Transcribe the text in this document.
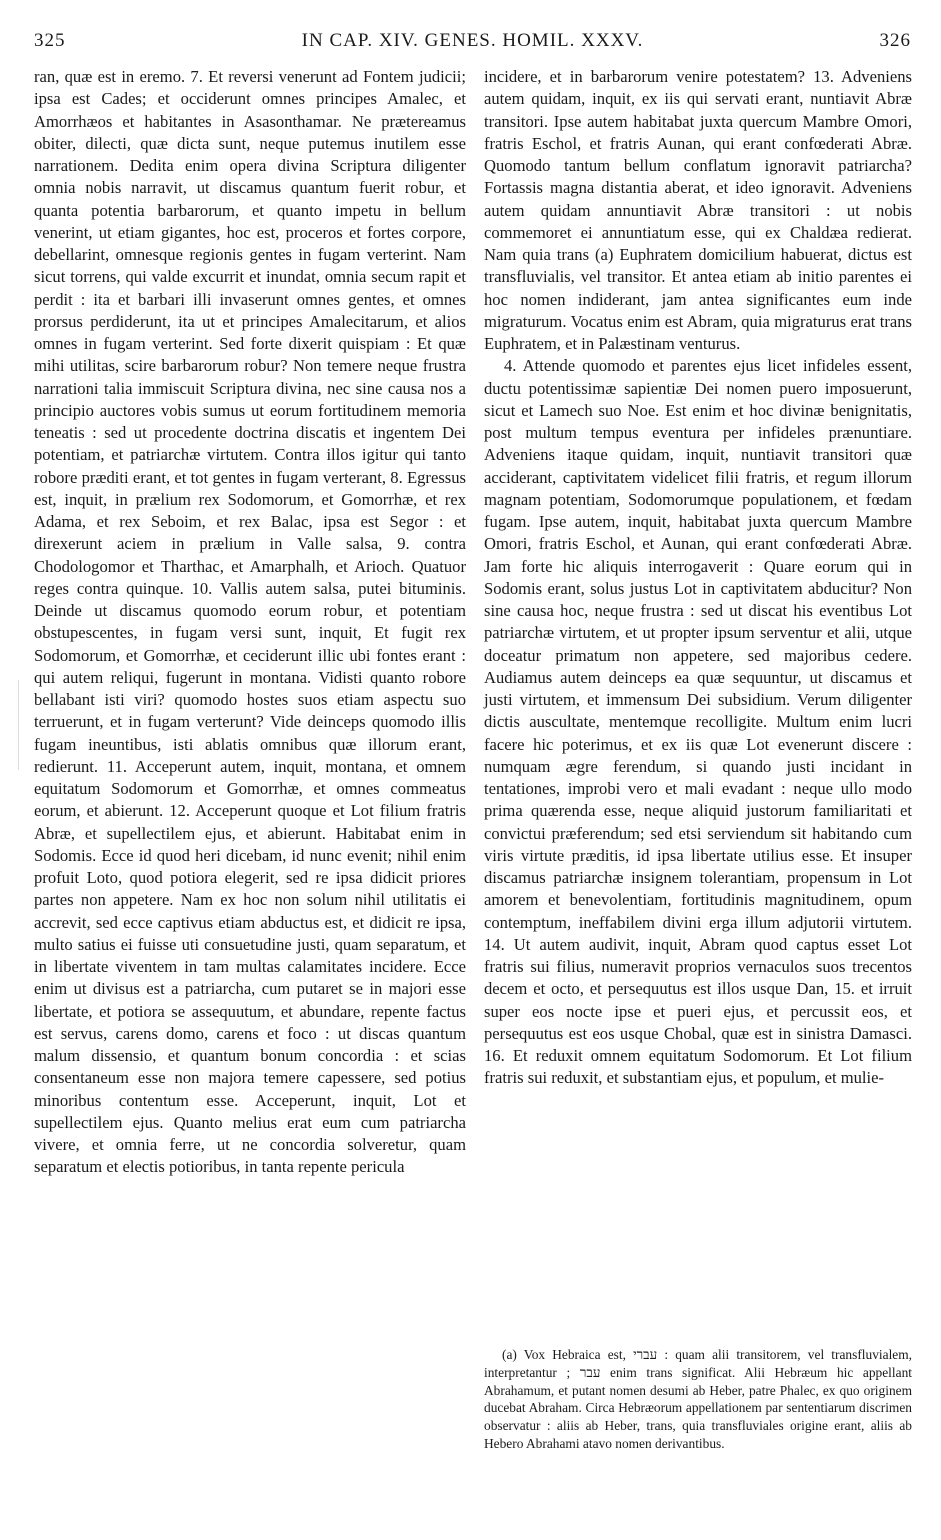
325	IN CAP. XIV. GENES. HOMIL. XXXV.	326

ran, quæ est in eremo. 7. Et reversi venerunt ad Fontem judicii; ipsa est Cades; et occiderunt omnes principes Amalec, et Amorrhæos et habitantes in Asasonthamar. Ne prætereamus obiter, dilecti, quæ dicta sunt, neque putemus inutilem esse narrationem. Dedita enim opera divina Scriptura diligenter omnia nobis narravit, ut discamus quantum fuerit robur, et quanta potentia barbarorum, et quanto impetu in bellum venerint, ut etiam gigantes, hoc est, proceros et fortes corpore, debellarint, omnesque regionis gentes in fugam verterint. Nam sicut torrens, qui valde excurrit et inundat, omnia secum rapit et perdit : ita et barbari illi invaserunt omnes gentes, et omnes prorsus perdiderunt, ita ut et principes Amalecitarum, et alios omnes in fugam verterint. Sed forte dixerit quispiam : Et quæ mihi utilitas, scire barbarorum robur? Non temere neque frustra narrationi talia immiscuit Scriptura divina, nec sine causa nos a principio auctores vobis sumus ut eorum fortitudinem memoria teneatis : sed ut procedente doctrina discatis et ingentem Dei potentiam, et patriarchæ virtutem. Contra illos igitur qui tanto robore præditi erant, et tot gentes in fugam verterant, 8. Egressus est, inquit, in prælium rex Sodomorum, et Gomorrhæ, et rex Adama, et rex Seboim, et rex Balac, ipsa est Segor : et direxerunt aciem in prælium in Valle salsa, 9. contra Chodologomor et Tharthac, et Amarphalh, et Arioch. Quatuor reges contra quinque. 10. Vallis autem salsa, putei bituminis. Deinde ut discamus quomodo eorum robur, et potentiam obstupescentes, in fugam versi sunt, inquit, Et fugit rex Sodomorum, et Gomorrhæ, et ceciderunt illic ubi fontes erant : qui autem reliqui, fugerunt in montana. Vidisti quanto robore bellabant isti viri? quomodo hostes suos etiam aspectu suo terruerunt, et in fugam verterunt? Vide deinceps quomodo illis fugam ineuntibus, isti ablatis omnibus quæ illorum erant, redierunt. 11. Acceperunt autem, inquit, montana, et omnem equitatum Sodomorum et Gomorrhæ, et omnes commeatus eorum, et abierunt. 12. Acceperunt quoque et Lot filium fratris Abræ, et supellectilem ejus, et abierunt. Habitabat enim in Sodomis. Ecce id quod heri dicebam, id nunc evenit; nihil enim profuit Loto, quod potiora elegerit, sed re ipsa didicit priores partes non appetere. Nam ex hoc non solum nihil utilitatis ei accrevit, sed ecce captivus etiam abductus est, et didicit re ipsa, multo satius ei fuisse uti consuetudine justi, quam separatum, et in libertate viventem in tam multas calamitates incidere. Ecce enim ut divisus est a patriarcha, cum putaret se in majori esse libertate, et potiora se assequutum, et abundare, repente factus est servus, carens domo, carens et foco : ut discas quantum malum dissensio, et quantum bonum concordia : et scias consentaneum esse non majora temere capessere, sed potius minoribus contentum esse. Acceperunt, inquit, Lot et supellectilem ejus. Quanto melius erat eum cum patriarcha vivere, et omnia ferre, ut ne concordia solveretur, quam separatum et electis potioribus, in tanta repente pericula

incidere, et in barbarorum venire potestatem? 13. Adveniens autem quidam, inquit, ex iis qui servati erant, nuntiavit Abræ transitori. Ipse autem habitabat juxta quercum Mambre Omori, fratris Eschol, et fratris Aunan, qui erant confœderati Abræ. Quomodo tantum bellum conflatum ignoravit patriarcha? Fortassis magna distantia aberat, et ideo ignoravit. Adveniens autem quidam annuntiavit Abræ transitori : ut nobis commemoret ei annuntiatum esse, qui ex Chaldæa redierat. Nam quia trans (a) Euphratem domicilium habuerat, dictus est transfluvialis, vel transitor. Et antea etiam ab initio parentes ei hoc nomen indiderant, jam antea significantes eum inde migraturum. Vocatus enim est Abram, quia migraturus erat trans Euphratem, et in Palæstinam venturus.

4. Attende quomodo et parentes ejus licet infideles essent, ductu potentissimæ sapientiæ Dei nomen puero imposuerunt, sicut et Lamech suo Noe. Est enim et hoc divinæ benignitatis, post multum tempus eventura per infideles prænuntiare. Adveniens itaque quidam, inquit, nuntiavit transitori quæ acciderant, captivitatem videlicet filii fratris, et regum illorum magnam potentiam, Sodomorumque populationem, et fœdam fugam. Ipse autem, inquit, habitabat juxta quercum Mambre Omori, fratris Eschol, et Aunan, qui erant confœderati Abræ. Jam forte hic aliquis interrogaverit : Quare eorum qui in Sodomis erant, solus justus Lot in captivitatem abducitur? Non sine causa hoc, neque frustra : sed ut discat his eventibus Lot patriarchæ virtutem, et ut propter ipsum serventur et alii, utque doceatur primatum non appetere, sed majoribus cedere. Audiamus autem deinceps ea quæ sequuntur, ut discamus et justi virtutem, et immensum Dei subsidium. Verum diligenter dictis auscultate, mentemque recolligite. Multum enim lucri facere hic poterimus, et ex iis quæ Lot evenerunt discere : numquam ægre ferendum, si quando justi incidant in tentationes, improbi vero et mali evadant : neque ullo modo prima quærenda esse, neque aliquid justorum familiaritati et convictui præferendum; sed etsi serviendum sit habitando cum viris virtute præditis, id ipsa libertate utilius esse. Et insuper discamus patriarchæ insignem tolerantiam, propensum in Lot amorem et benevolentiam, fortitudinis magnitudinem, opum contemptum, ineffabilem divini erga illum adjutorii virtutem. 14. Ut autem audivit, inquit, Abram quod captus esset Lot fratris sui filius, numeravit proprios vernaculos suos trecentos decem et octo, et persequutus est illos usque Dan, 15. et irruit super eos nocte ipse et pueri ejus, et percussit eos, et persequutus est eos usque Chobal, quæ est in sinistra Damasci. 16. Et reduxit omnem equitatum Sodomorum. Et Lot filium fratris sui reduxit, et substantiam ejus, et populum, et mulie-

(a) Vox Hebraica est, עברי : quam alii transitorem, vel transfluvialem, interpretantur ; עבר enim trans significat. Alii Hebræum hic appellant Abrahamum, et putant nomen desumi ab Heber, patre Phalec, ex quo originem ducebat Abraham. Circa Hebræorum appellationem par sententiarum discrimen observatur : aliis ab Heber, trans, quia transfluviales origine erant, aliis ab Hebero Abrahami atavo nomen derivantibus.
